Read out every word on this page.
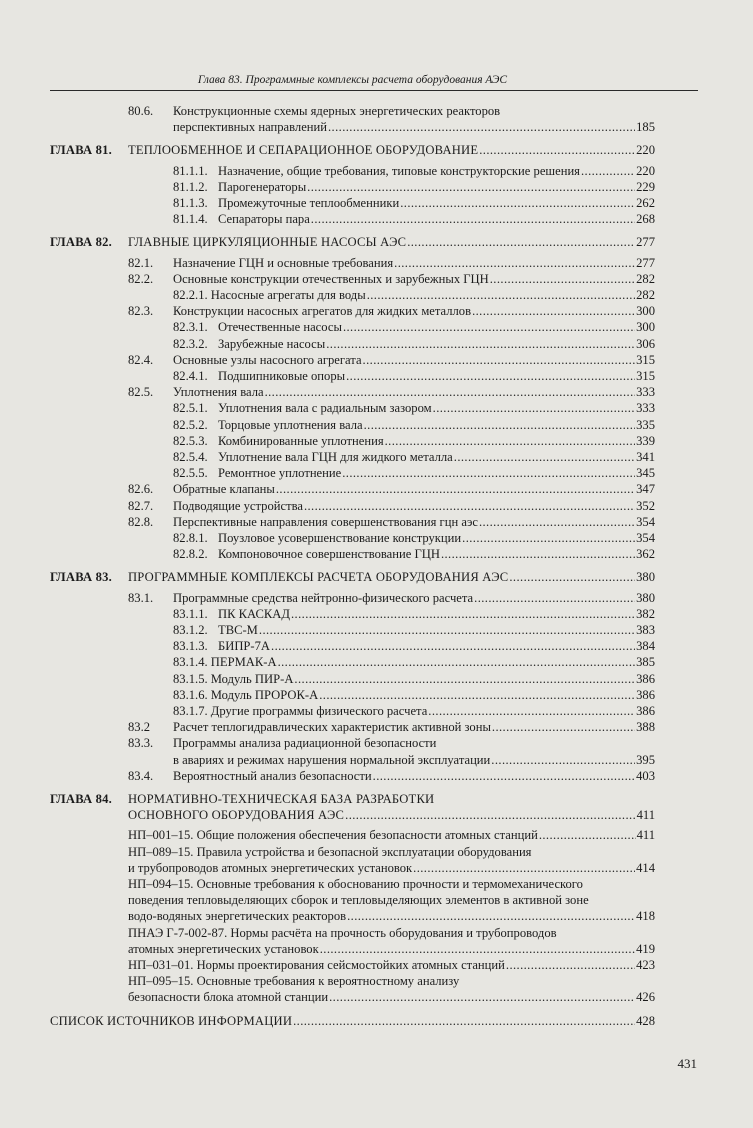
Глава 83. Программные комплексы расчета оборудования АЭС
80.6. Конструкционные схемы ядерных энергетических реакторов
перспективных направлений .....	185
ГЛАВА 81. ТЕПЛООБМЕННОЕ И СЕПАРАЦИОННОЕ ОБОРУДОВАНИЕ .....	220
81.1.1. Назначение, общие требования, типовые конструкторские решения .....	220
81.1.2. Парогенераторы .....	229
81.1.3. Промежуточные теплообменники .....	262
81.1.4. Сепараторы пара .....	268
ГЛАВА 82. ГЛАВНЫЕ ЦИРКУЛЯЦИОННЫЕ НАСОСЫ АЭС .....	277
82.1. Назначение ГЦН и основные требования .....	277
82.2. Основные конструкции отечественных и зарубежных ГЦН .....	282
82.2.1. Насосные агрегаты для воды .....	282
82.3. Конструкции насосных агрегатов для жидких металлов .....	300
82.3.1. Отечественные насосы .....	300
82.3.2. Зарубежные насосы .....	306
82.4. Основные узлы насосного агрегата .....	315
82.4.1. Подшипниковые опоры .....	315
82.5. Уплотнения вала .....	333
82.5.1. Уплотнения вала с радиальным зазором .....	333
82.5.2. Торцовые уплотнения вала .....	335
82.5.3. Комбинированные уплотнения .....	339
82.5.4. Уплотнение вала ГЦН для жидкого металла .....	341
82.5.5. Ремонтное уплотнение .....	345
82.6. Обратные клапаны .....	347
82.7. Подводящие устройства .....	352
82.8. Перспективные направления совершенствования гцн аэс .....	354
82.8.1. Поузловое усовершенствование конструкции .....	354
82.8.2. Компоновочное совершенствование ГЦН .....	362
ГЛАВА 83. ПРОГРАММНЫЕ КОМПЛЕКСЫ РАСЧЕТА ОБОРУДОВАНИЯ АЭС .....	380
83.1. Программные средства нейтронно-физического расчета .....	380
83.1.1. ПК КАСКАД .....	382
83.1.2. ТВС-М .....	383
83.1.3. БИПР-7А .....	384
83.1.4. ПЕРМАК-А .....	385
83.1.5. Модуль ПИР-А .....	386
83.1.6. Модуль ПРОРОК-А .....	386
83.1.7. Другие программы физического расчета .....	386
83.2 Расчет теплогидравлических характеристик активной зоны .....	388
83.3. Программы анализа радиационной безопасности
в авариях и режимах нарушения нормальной эксплуатации .....	395
83.4. Вероятностный анализ безопасности .....	403
ГЛАВА 84. НОРМАТИВНО-ТЕХНИЧЕСКАЯ БАЗА РАЗРАБОТКИ
ОСНОВНОГО ОБОРУДОВАНИЯ АЭС .....	411
НП–001–15. Общие положения обеспечения безопасности атомных станций .....	411
НП–089–15. Правила устройства и безопасной эксплуатации оборудования
и трубопроводов атомных энергетических установок .....	414
НП–094–15. Основные требования к обоснованию прочности и термомеханического
поведения тепловыделяющих сборок и тепловыделяющих элементов в активной зоне
водо-водяных энергетических реакторов .....	418
ПНАЭ Г-7-002-87. Нормы расчёта на прочность оборудования и трубопроводов
атомных энергетических установок .....	419
НП–031–01. Нормы проектирования сейсмостойких атомных станций .....	423
НП–095–15. Основные требования к вероятностному анализу
безопасности блока атомной станции .....	426
СПИСОК ИСТОЧНИКОВ ИНФОРМАЦИИ .....	428
431
